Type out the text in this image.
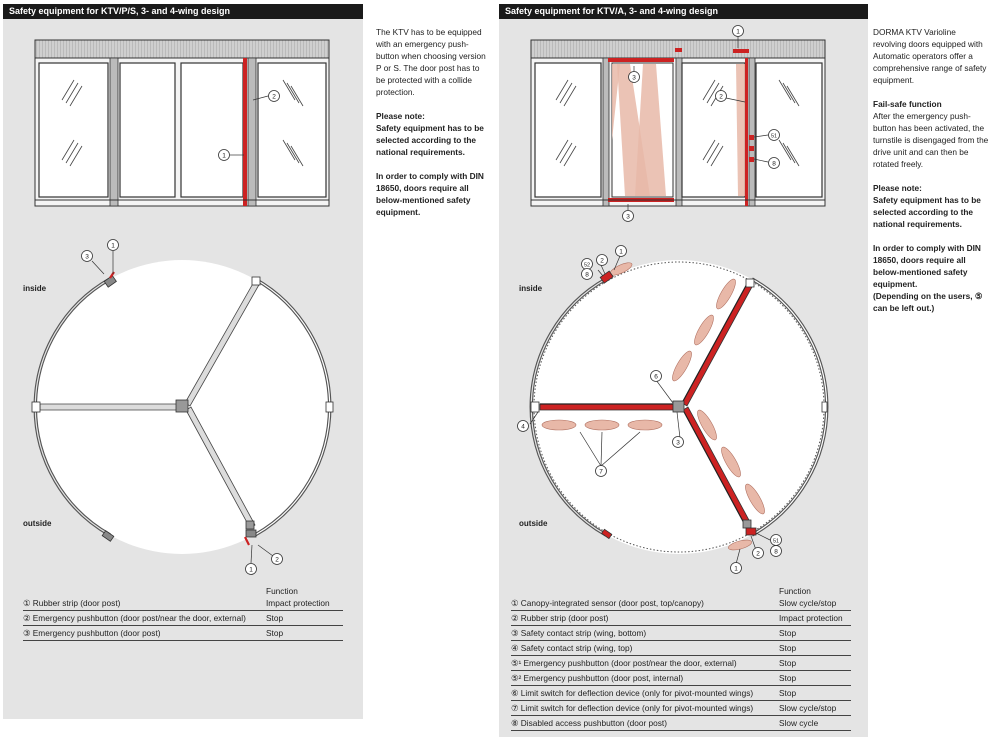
Safety equipment for KTV/P/S, 3- and 4-wing design	Safety equipment for KTV/A, 3- and 4-wing design

The KTV has to be equipped with an emergency push-button when choosing version P or S. The door post has to be protected with a collide protection.

Please note:
Safety equipment has to be selected according to the national requirements.

In order to comply with DIN 18650, doors require all below-mentioned safety equipment.

DORMA KTV Varioline revolving doors equipped with Automatic operators offer a comprehensive range of safety equipment.

Fail-safe function
After the emergency push-button has been activated, the turnstile is disengaged from the drive unit and can then be rotated freely.

Please note:
Safety equipment has to be selected according to the national requirements.

In order to comply with DIN 18650, doors require all below-mentioned safety equipment.

(Depending on the users, ⑤ can be left out.)

2
1
1
3
2
1
1
3
2
51
8
3
1
2
52
8
6
4
3
7
51
8
2
1
inside
outside
inside
outside
Function
① Rubber strip (door post)	Impact protection
② Emergency pushbutton (door post/near the door, external) Stop
③ Emergency pushbutton (door post)	Stop
Function
① Canopy-integrated sensor (door post, top/canopy)	Slow cycle/stop
② Rubber strip (door post)	Impact protection
③ Safety contact strip (wing, bottom)	Stop
④ Safety contact strip (wing, top)	Stop
⑤¹ Emergency pushbutton (door post/near the door, external)	Stop
⑤² Emergency pushbutton (door post, internal)	Stop
⑥ Limit switch for deflection device (only for pivot-mounted wings)	Stop
⑦ Limit switch for deflection device (only for pivot-mounted wings)	Slow cycle/stop
⑧ Disabled access pushbutton (door post)	Slow cycle
